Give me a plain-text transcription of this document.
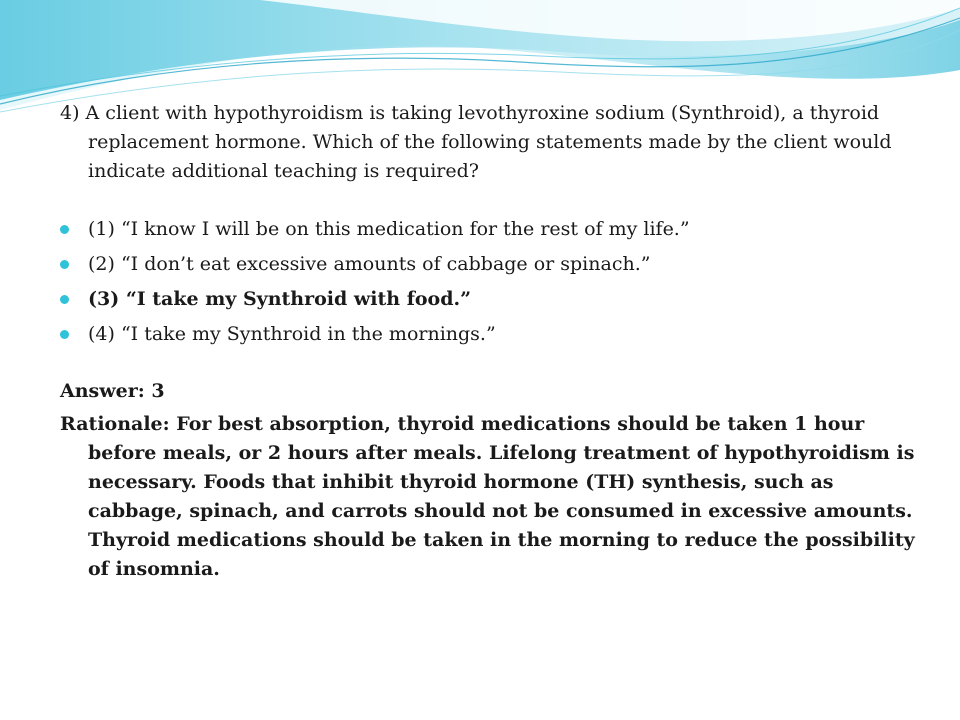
4) A client with hypothyroidism is taking levothyroxine sodium (Synthroid), a thyroid replacement hormone. Which of the following statements made by the client would indicate additional teaching is required?

(1) “I know I will be on this medication for the rest of my life.”
(2) “I don’t eat excessive amounts of cabbage or spinach.”
(3) “I take my Synthroid with food.”
(4) “I take my Synthroid in the mornings.”

Answer: 3

Rationale: For best absorption, thyroid medications should be taken 1 hour before meals, or 2 hours after meals. Lifelong treatment of hypothyroidism is necessary. Foods that inhibit thyroid hormone (TH) synthesis, such as cabbage, spinach, and carrots should not be consumed in excessive amounts. Thyroid medications should be taken in the morning to reduce the possibility of insomnia.
